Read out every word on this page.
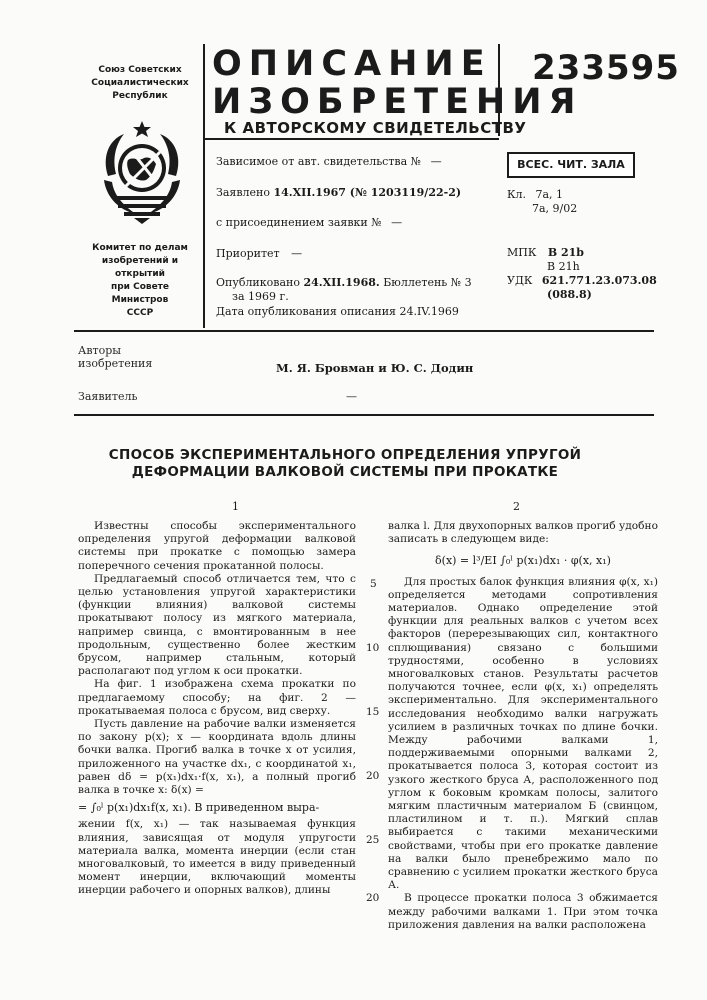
Союз Советских
Социалистических
Республик
Комитет по делам
изобретений и открытий
при Совете Министров
СССР
ОПИСАНИЕ
ИЗОБРЕТЕНИЯ
К АВТОРСКОМУ СВИДЕТЕЛЬСТВУ
233595
ВСЕС. ЧИТ. ЗАЛА
Зависимое от авт. свидетельства № —
Заявлено 14.XII.1967 (№ 1203119/22-2)
с присоединением заявки № —
Приоритет —
Опубликовано 24.XII.1968. Бюллетень № 3
за 1969 г.
Дата опубликования описания 24.IV.1969
Кл. 7а, 1
7а, 9/02
МПК В 21b
В 21h
УДК 621.771.23.073.08
(088.8)
Авторы
изобретения	М. Я. Бровман и Ю. С. Додин
Заявитель	—
СПОСОБ ЭКСПЕРИМЕНТАЛЬНОГО ОПРЕДЕЛЕНИЯ УПРУГОЙ
ДЕФОРМАЦИИ ВАЛКОВОЙ СИСТЕМЫ ПРИ ПРОКАТКЕ
1	2

Известны способы экспериментального определения упругой деформации валковой системы при прокатке с помощью замера поперечного сечения прокатанной полосы.

Предлагаемый способ отличается тем, что с целью установления упругой характеристики (функции влияния) валковой системы прокатывают полосу из мягкого материала, например свинца, с вмонтированным в нее продольным, существенно более жестким брусом, например стальным, который располагают под углом к оси прокатки.

На фиг. 1 изображена схема прокатки по предлагаемому способу; на фиг. 2 — прокатываемая полоса с брусом, вид сверху.

Пусть давление на рабочие валки изменяется по закону p(x); x — координата вдоль длины бочки валка. Прогиб валка в точке x от усилия, приложенного на участке dx₁, с координатой x₁, равен dδ = p(x₁)dx₁·f(x, x₁), а полный прогиб валка в точке x: δ(x) =

= ∫₀ˡ p(x₁)dx₁f(x, x₁). В приведенном выра-

жении f(x, x₁) — так называемая функция влияния, зависящая от модуля упругости материала валка, момента инерции (если стан многовалковый, то имеется в виду приведенный момент инерции, включающий моменты инерции рабочего и опорных валков), длины

5
10
15
20
25
20

валка l. Для двухопорных валков прогиб удобно записать в следующем виде:

δ(x) = l³/EI ∫₀ˡ p(x₁)dx₁ · φ(x, x₁)

Для простых балок функция влияния φ(x, x₁) определяется методами сопротивления материалов. Однако определение этой функции для реальных валков с учетом всех факторов (перерезывающих сил, контактного сплющивания) связано с большими трудностями, особенно в условиях многовалковых станов. Результаты расчетов получаются точнее, если φ(x, x₁) определять экспериментально. Для экспериментального исследования необходимо валки нагружать усилием в различных точках по длине бочки. Между рабочими валками 1, поддерживаемыми опорными валками 2, прокатывается полоса 3, которая состоит из узкого жесткого бруса А, расположенного под углом к боковым кромкам полосы, залитого мягким пластичным материалом Б (свинцом, пластилином и т. п.). Мягкий сплав выбирается с такими механическими свойствами, чтобы при его прокатке давление на валки было пренебрежимо мало по сравнению с усилием прокатки жесткого бруса А.

В процессе прокатки полоса 3 обжимается между рабочими валками 1. При этом точка приложения давления на валки расположена
